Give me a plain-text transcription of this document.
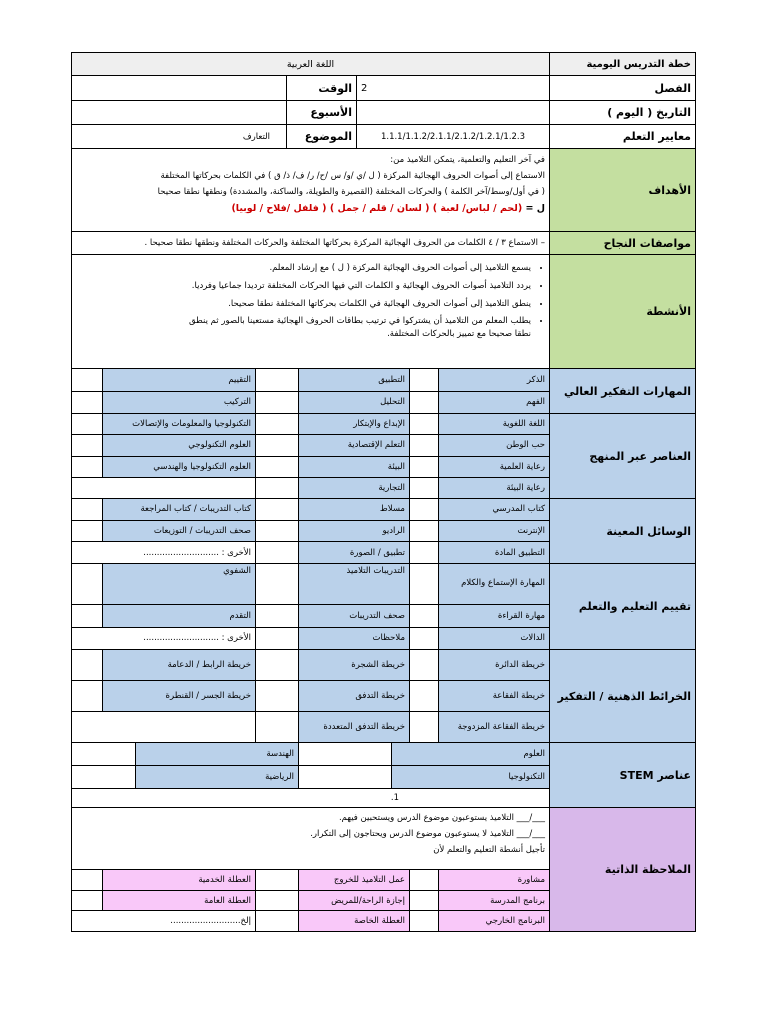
خطة التدريس اليومية
اللغة العربية
الفصل
2
الوقت
التاريخ ( اليوم )
الأسبوع
معايير التعلم
1.1.1/1.1.2/2.1.1/2.1.2/1.2.1/1.2.3
الموضوع
التعارف
الأهداف
في آخر التعليم والتعلمية، يتمكن التلاميذ من:
الاستماع إلى أصوات الحروف الهجائية المركزة ( ل /ي /و/ س /ح/ ر/ ف/ ذ/ ق ) في الكلمات بحركاتها المختلفة
( في أول/وسط/آخر الكلمة ) والحركات المختلفة (القصيرة والطويلة، والساكنة، والمشددة) ونطقها نطقا صحيحا
ل = (لحم / لباس/ لعبة ) ( لسان / قلم / جمل ) ( فلفل /فلاح / لوبيا)
مواصفات النجاح
– الاستماع ٣ / ٤ الكلمات من الحروف الهجائية المركزة بحركاتها المختلفة والحركات المختلفة ونطقها نطقا صحيحا .
الأنشطة
• يسمع التلاميذ إلى أصوات الحروف الهجائية المركزة ( ل ) مع إرشاد المعلم.
• يردد التلاميذ أصوات الحروف الهجائية و الكلمات التي فيها الحركات المختلفة ترديدا جماعيا وفرديا.
• ينطق التلاميذ إلى أصوات الحروف الهجائية في الكلمات بحركاتها المختلفة نطقا صحيحا.
• يطلب المعلم من التلاميذ أن يشتركوا في ترتيب بطاقات الحروف الهجائية مستعينا بالصور ثم ينطق نطقا صحيحا مع تمييز بالحركات المختلفة.
المهارات التفكير العالي
الذكر
التطبيق
التقييم
الفهم
التحليل
التركيب
العناصر عبر المنهج
اللغة اللغوية
الإبداع والإبتكار
التكنولوجيا والمعلومات والإتصالات
حب الوطن
التعلم الإقتصادية
العلوم التكنولوجي
رعاية العلمية
البيئة
العلوم التكنولوجيا والهندسي
رعاية البيئة
التجارية
الوسائل المعينة
كتاب المدرسي
مسلاط
كتاب التدريبات / كتاب المراجعة
الإنترنت
الراديو
صحف التدريبات / التوزيعات
التطبيق المادة
تطبيق / الصورة
الأخرى : ............................
تقييم التعليم والتعلم
المهارة الإستماع والكلام
التدريبات التلاميذ
الشفوي
مهارة القراءة
صحف التدريبات
التقدم
الدالات
ملاحظات
الأخرى : ............................
الخرائط الذهنية / التفكير
خريطة الدائرة
خريطة الشجرة
خريطة الرابط / الدعامة
خريطة الفقاعة
خريطة التدفق
خريطة الجسر / القنطرة
خريطة الفقاعة المزدوجة
خريطة التدفق المتعددة
عناصر STEM
العلوم
الهندسة
التكنولوجيا
الرياضية
1.
الملاحظة الذاتية
___/___ التلاميذ يستوعبون موضوع الدرس ويستحبين فيهم.
___/___ التلاميذ لا يستوعبون موضوع الدرس ويحتاجون إلى التكرار.
تأجيل أنشطة التعليم والتعلم لأن
مشاورة
عمل التلاميذ للخروج
العطلة الخدمية
برنامج المدرسة
إجازة الراحة/للمريض
العطلة العامة
البرنامج الخارجي
العطلة الخاصة
إلخ..........................
